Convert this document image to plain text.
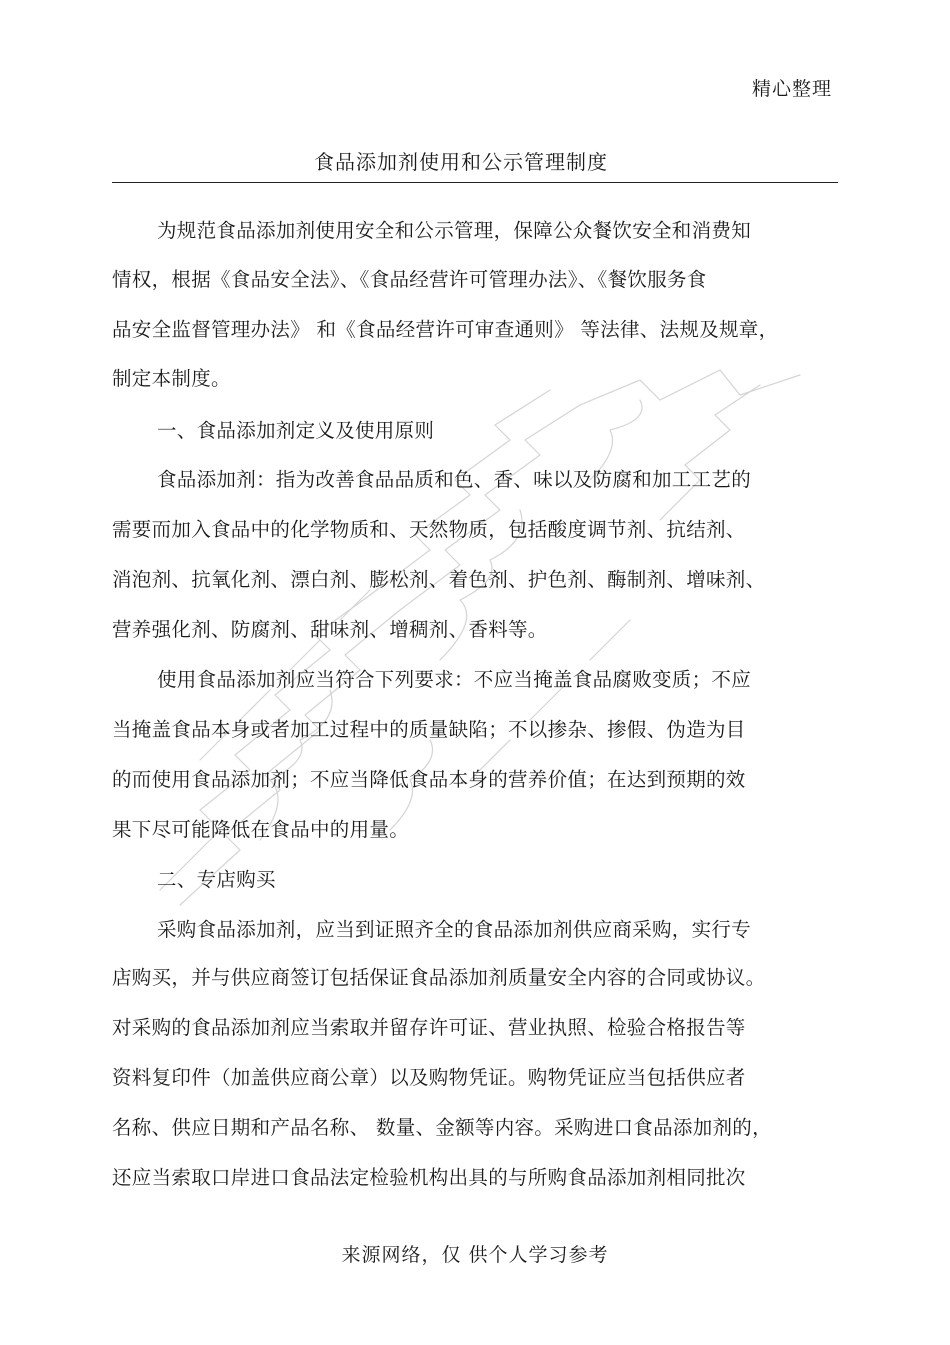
精心整理
食品添加剂使用和公示管理制度
为规范食品添加剂使用安全和公示管理，保障公众餐饮安全和消费知
情权，根据《食品安全法》、《食品经营许可管理办法》、《餐饮服务食
品安全监督管理办法》 和《食品经营许可审查通则》 等法律、法规及规章，
制定本制度。
一、食品添加剂定义及使用原则
食品添加剂：指为改善食品品质和色、香、味以及防腐和加工工艺的
需要而加入食品中的化学物质和、天然物质，包括酸度调节剂、抗结剂、
消泡剂、抗氧化剂、漂白剂、膨松剂、着色剂、护色剂、酶制剂、增味剂、
营养强化剂、防腐剂、甜味剂、增稠剂、香料等。
使用食品添加剂应当符合下列要求：不应当掩盖食品腐败变质；不应
当掩盖食品本身或者加工过程中的质量缺陷；不以掺杂、掺假、伪造为目
的而使用食品添加剂；不应当降低食品本身的营养价值；在达到预期的效
果下尽可能降低在食品中的用量。
二、专店购买
采购食品添加剂，应当到证照齐全的食品添加剂供应商采购，实行专
店购买，并与供应商签订包括保证食品添加剂质量安全内容的合同或协议。
对采购的食品添加剂应当索取并留存许可证、营业执照、检验合格报告等
资料复印件（加盖供应商公章）以及购物凭证。购物凭证应当包括供应者
名称、供应日期和产品名称、 数量、金额等内容。采购进口食品添加剂的，
还应当索取口岸进口食品法定检验机构出具的与所购食品添加剂相同批次
来源网络，仅 供个人学习参考
